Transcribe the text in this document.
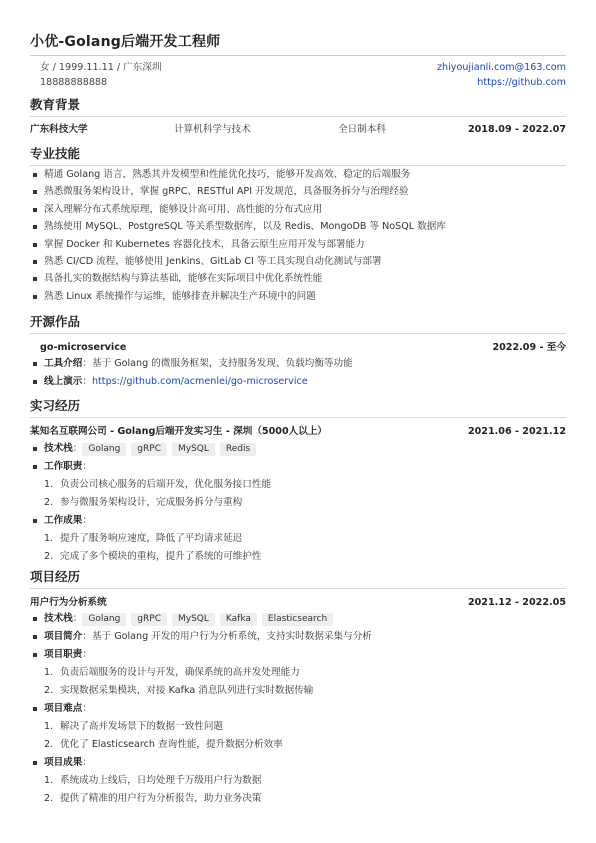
小优-Golang后端开发工程师
女 / 1999.11.11 / 广东深圳
18888888888
zhiyoujianli.com@163.com
https://github.com
教育背景
广东科技大学	计算机科学与技术	全日制本科	2018.09 - 2022.07
专业技能
精通 Golang 语言，熟悉其并发模型和性能优化技巧，能够开发高效、稳定的后端服务
熟悉微服务架构设计，掌握 gRPC、RESTful API 开发规范，具备服务拆分与治理经验
深入理解分布式系统原理，能够设计高可用、高性能的分布式应用
熟练使用 MySQL、PostgreSQL 等关系型数据库，以及 Redis、MongoDB 等 NoSQL 数据库
掌握 Docker 和 Kubernetes 容器化技术，具备云原生应用开发与部署能力
熟悉 CI/CD 流程，能够使用 Jenkins、GitLab CI 等工具实现自动化测试与部署
具备扎实的数据结构与算法基础，能够在实际项目中优化系统性能
熟悉 Linux 系统操作与运维，能够排查并解决生产环境中的问题
开源作品
go-microservice	2022.09 - 至今
工具介绍：基于 Golang 的微服务框架，支持服务发现、负载均衡等功能
线上演示：https://github.com/acmenlei/go-microservice
实习经历
某知名互联网公司 - Golang后端开发实习生 - 深圳（5000人以上）	2021.06 - 2021.12
技术栈： Golang gRPC MySQL Redis
工作职责：
1. 负责公司核心服务的后端开发，优化服务接口性能
2. 参与微服务架构设计，完成服务拆分与重构
工作成果：
1. 提升了服务响应速度，降低了平均请求延迟
2. 完成了多个模块的重构，提升了系统的可维护性
项目经历
用户行为分析系统	2021.12 - 2022.05
技术栈： Golang gRPC MySQL Kafka Elasticsearch
项目简介：基于 Golang 开发的用户行为分析系统，支持实时数据采集与分析
项目职责：
1. 负责后端服务的设计与开发，确保系统的高并发处理能力
2. 实现数据采集模块，对接 Kafka 消息队列进行实时数据传输
项目难点：
1. 解决了高并发场景下的数据一致性问题
2. 优化了 Elasticsearch 查询性能，提升数据分析效率
项目成果：
1. 系统成功上线后，日均处理千万级用户行为数据
2. 提供了精准的用户行为分析报告，助力业务决策
